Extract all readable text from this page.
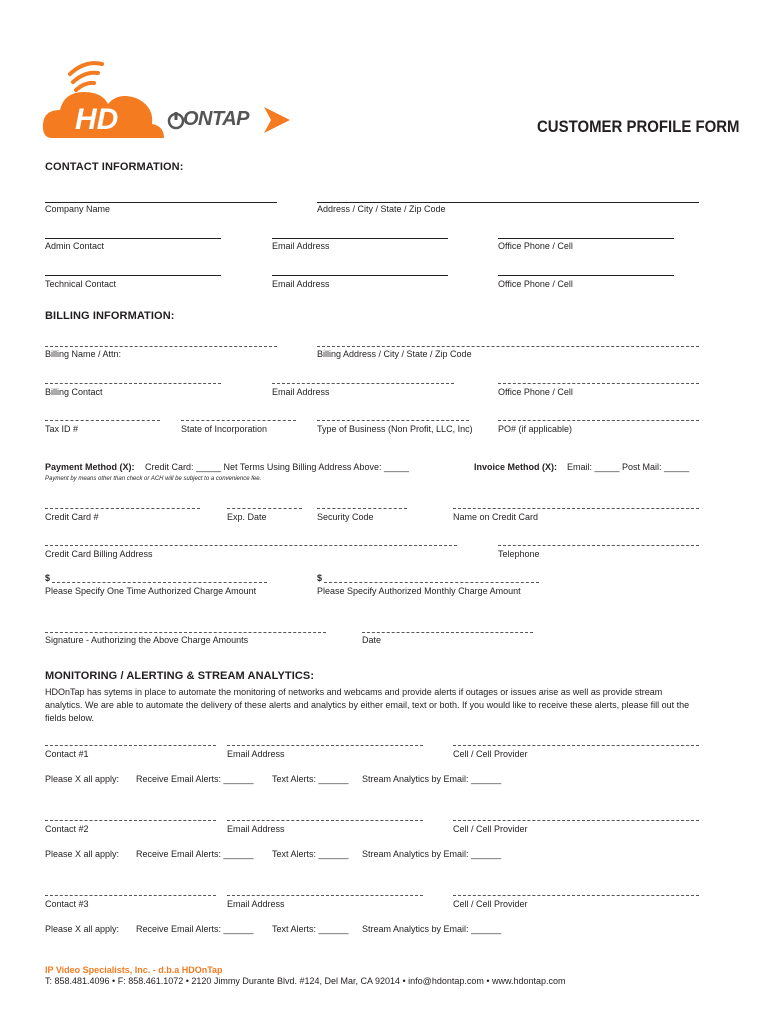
HD	ONTAP	CUSTOMER PROFILE FORM
CONTACT INFORMATION:
Company Name	Address / City / State / Zip Code
Admin Contact	Email Address	Office Phone / Cell
Technical Contact	Email Address	Office Phone / Cell
BILLING INFORMATION:
Billing Name / Attn:	Billing Address / City / State / Zip Code
Billing Contact	Email Address	Office Phone / Cell
Tax ID #	State of Incorporation	Type of Business (Non Profit, LLC, Inc)	PO# (if applicable)
Payment Method (X): Credit Card: _____ Net Terms Using Billing Address Above: _____	Invoice Method (X): Email: _____ Post Mail: _____
Payment by means other than check or ACH will be subject to a convenience fee.
Credit Card #	Exp. Date	Security Code	Name on Credit Card
Credit Card Billing Address	Telephone
$	$
Please Specify One Time Authorized Charge Amount	Please Specify Authorized Monthly Charge Amount
Signature - Authorizing the Above Charge Amounts	Date
MONITORING / ALERTING & STREAM ANALYTICS:
HDOnTap has sytems in place to automate the monitoring of networks and webcams and provide alerts if outages or issues arise as well as provide stream analytics. We are able to automate the delivery of these alerts and analytics by either email, text or both. If you would like to receive these alerts, please fill out the fields below.
Contact #1	Email Address	Cell / Cell Provider
Please X all apply: Receive Email Alerts: ______ Text Alerts: ______ Stream Analytics by Email: ______
Contact #2	Email Address	Cell / Cell Provider
Please X all apply: Receive Email Alerts: ______ Text Alerts: ______ Stream Analytics by Email: ______
Contact #3	Email Address	Cell / Cell Provider
Please X all apply: Receive Email Alerts: ______ Text Alerts: ______ Stream Analytics by Email: ______
IP Video Specialists, Inc. - d.b.a HDOnTap
T: 858.481.4096 • F: 858.461.1072 • 2120 Jimmy Durante Blvd. #124, Del Mar, CA 92014 • info@hdontap.com • www.hdontap.com
